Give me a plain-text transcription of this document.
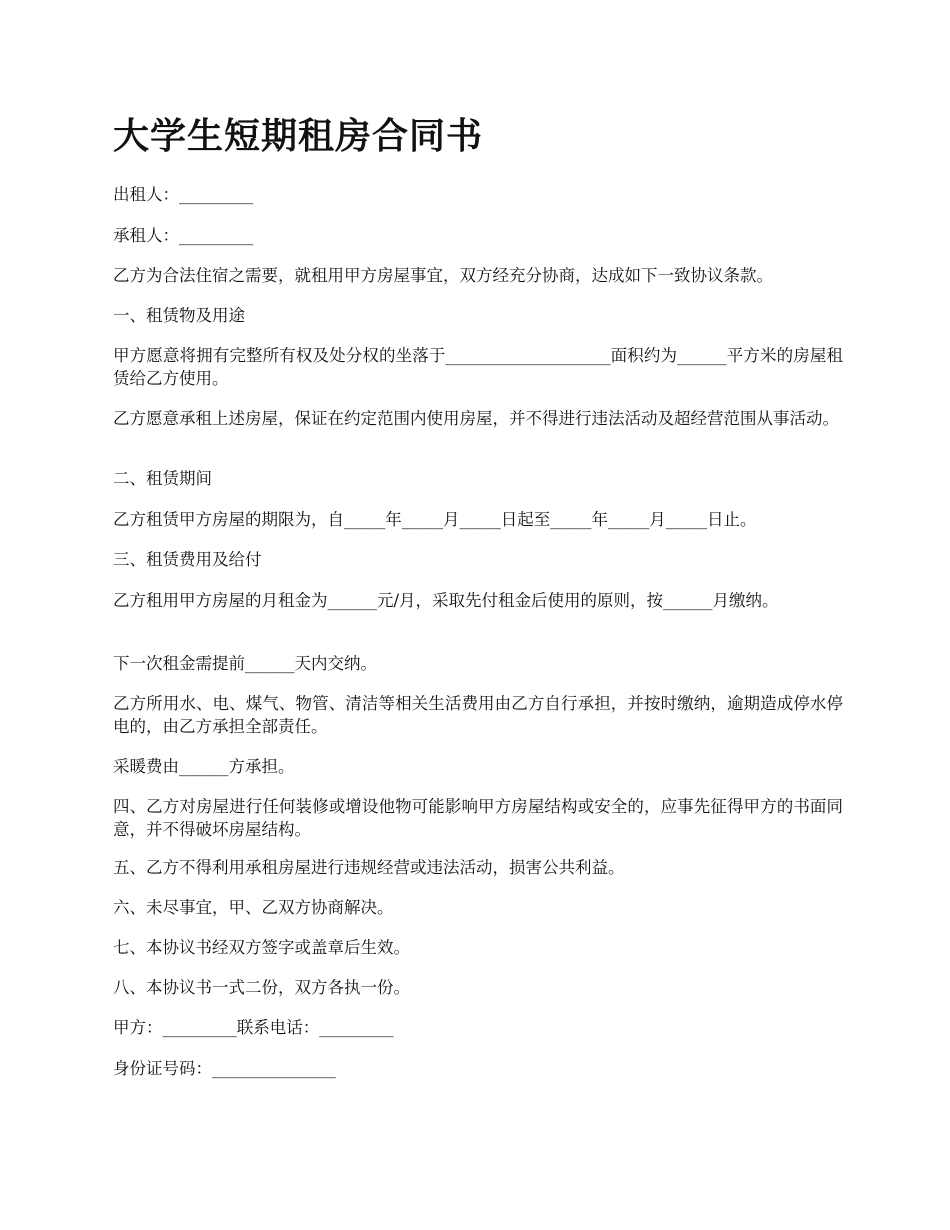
大学生短期租房合同书

出租人：_________

承租人：_________

乙方为合法住宿之需要，就租用甲方房屋事宜，双方经充分协商，达成如下一致协议条款。

一、租赁物及用途

甲方愿意将拥有完整所有权及处分权的坐落于____________________面积约为______平方米的房屋租赁给乙方使用。

乙方愿意承租上述房屋，保证在约定范围内使用房屋，并不得进行违法活动及超经营范围从事活动。

二、租赁期间

乙方租赁甲方房屋的期限为，自_____年_____月_____日起至_____年_____月_____日止。

三、租赁费用及给付

乙方租用甲方房屋的月租金为______元/月，采取先付租金后使用的原则，按______月缴纳。

下一次租金需提前______天内交纳。

乙方所用水、电、煤气、物管、清洁等相关生活费用由乙方自行承担，并按时缴纳，逾期造成停水停电的，由乙方承担全部责任。

采暖费由______方承担。

四、乙方对房屋进行任何装修或增设他物可能影响甲方房屋结构或安全的，应事先征得甲方的书面同意，并不得破坏房屋结构。

五、乙方不得利用承租房屋进行违规经营或违法活动，损害公共利益。

六、未尽事宜，甲、乙双方协商解决。

七、本协议书经双方签字或盖章后生效。

八、本协议书一式二份，双方各执一份。

甲方：_________联系电话：_________

身份证号码：_______________
